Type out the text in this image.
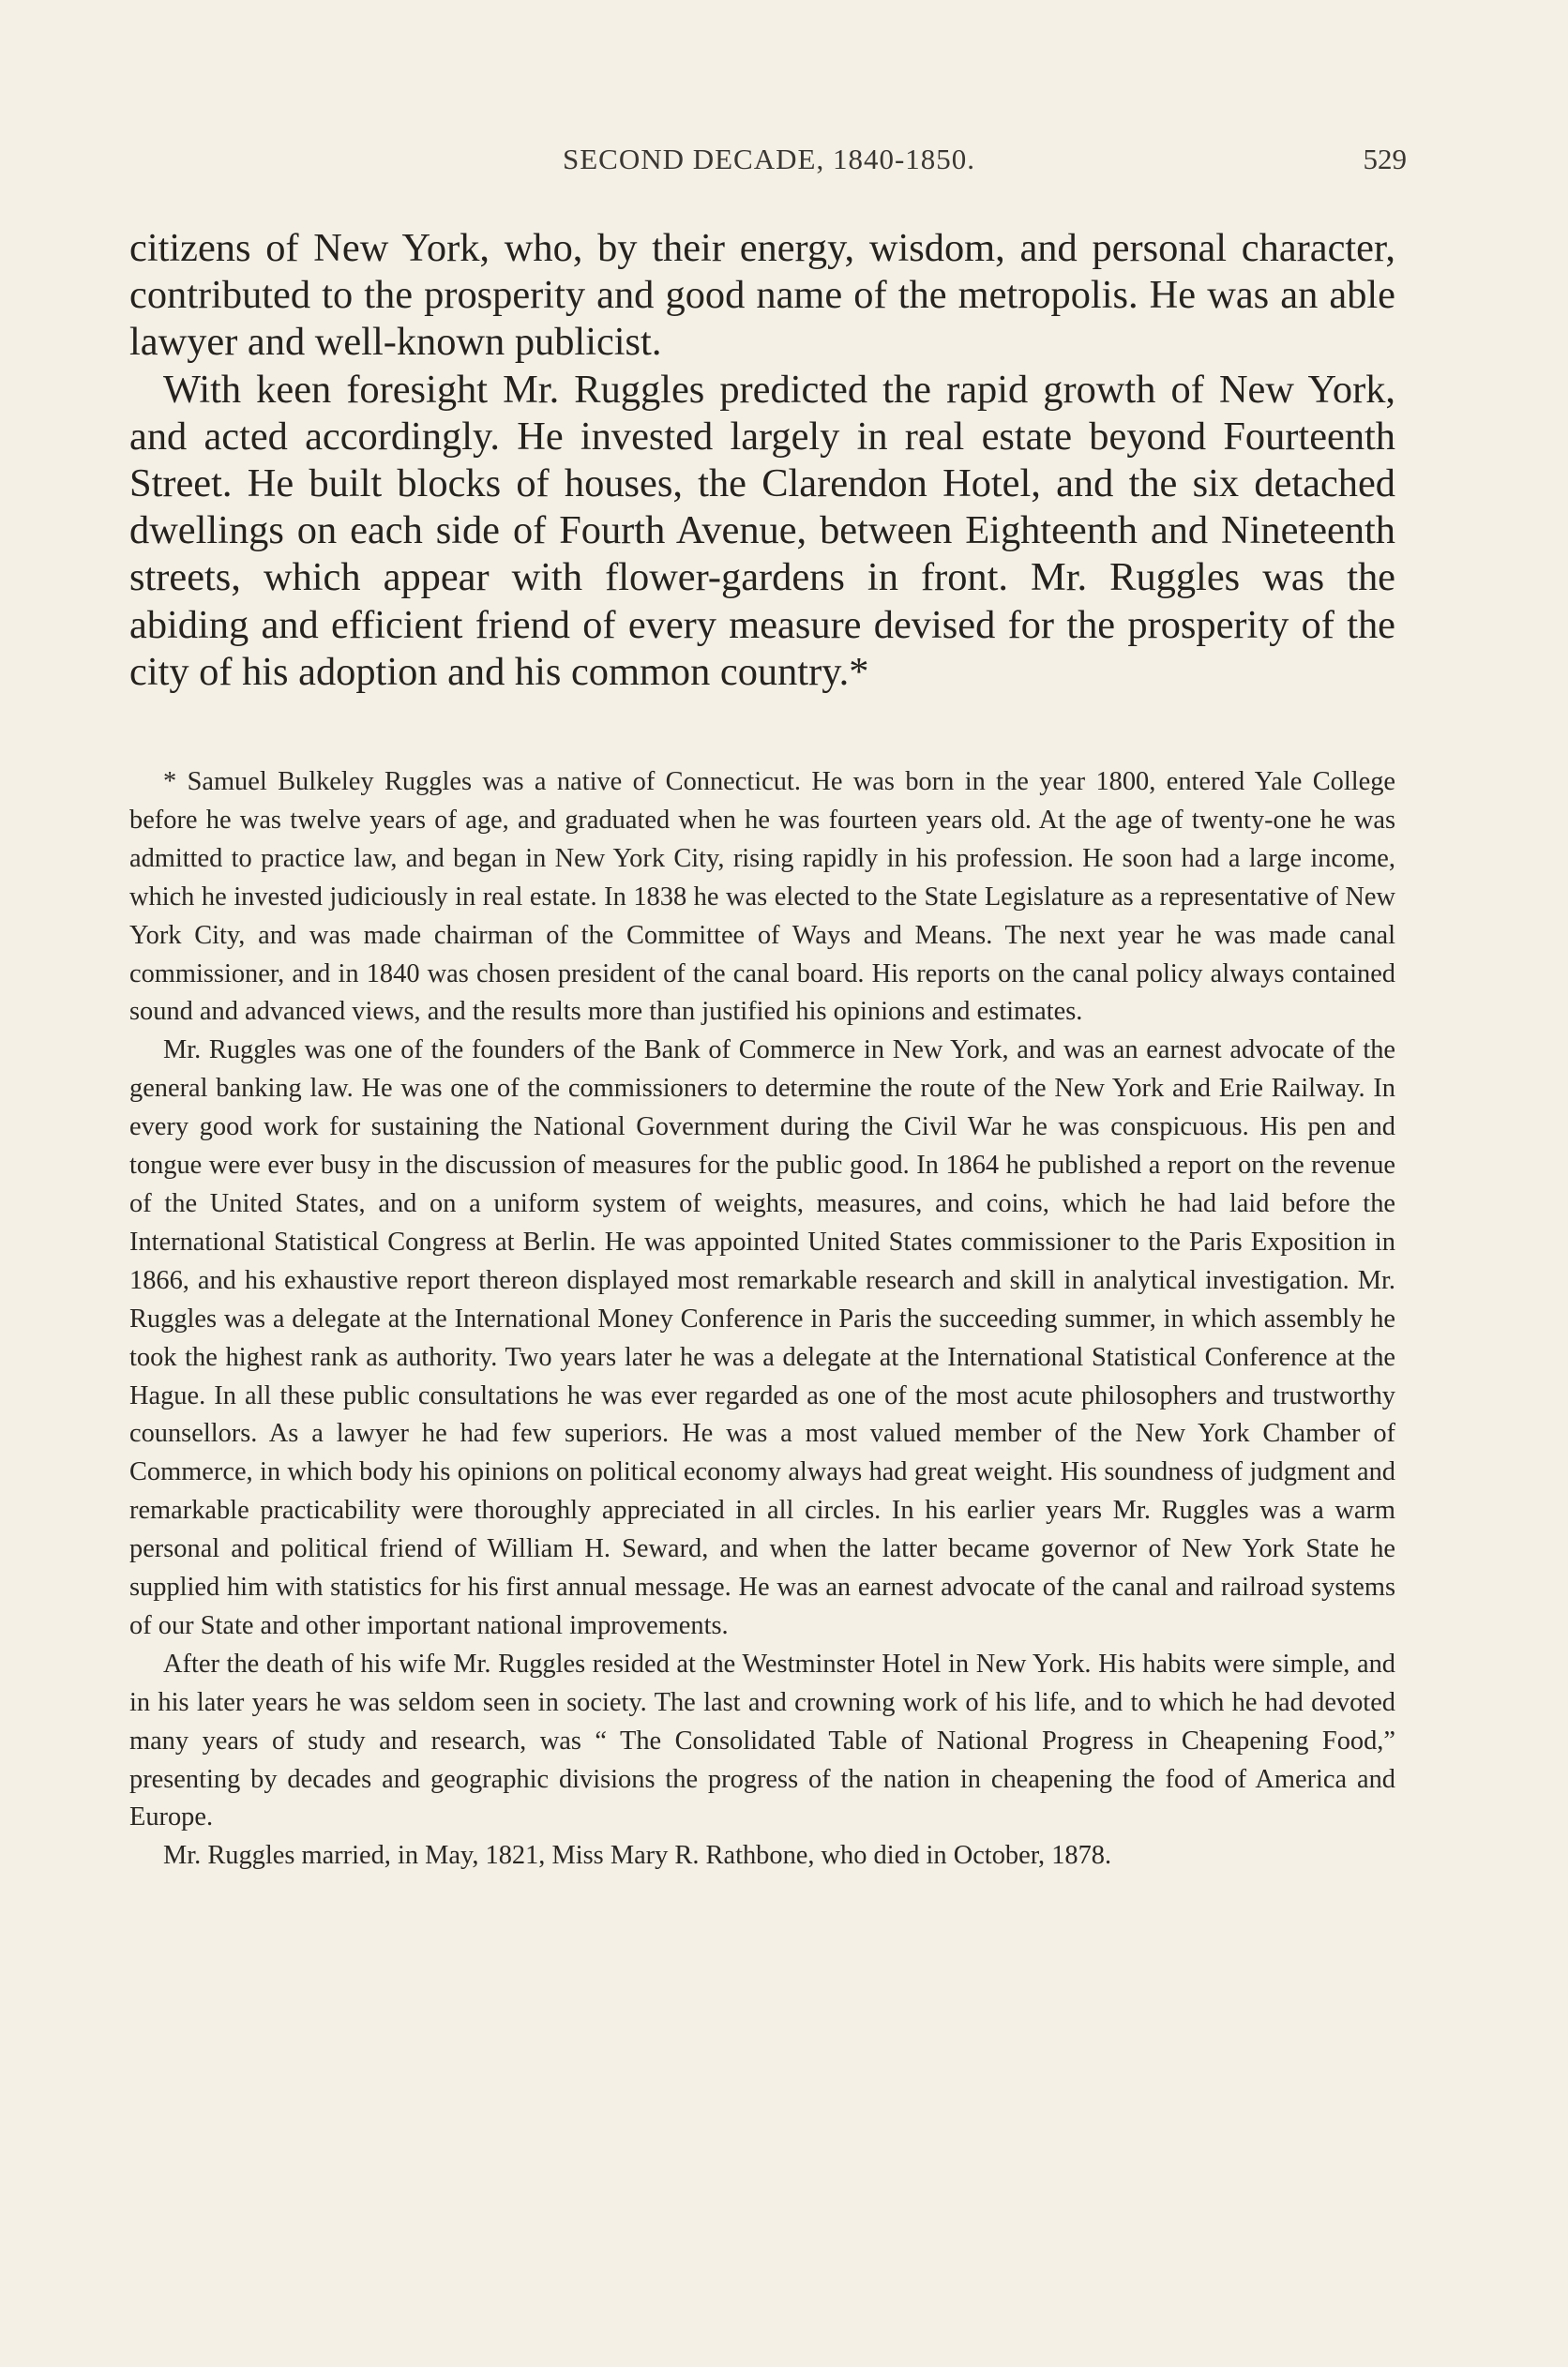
SECOND DECADE, 1840-1850.	529

citizens of New York, who, by their energy, wisdom, and personal character, contributed to the prosperity and good name of the metropolis. He was an able lawyer and well-known publicist.

With keen foresight Mr. Ruggles predicted the rapid growth of New York, and acted accordingly. He invested largely in real estate beyond Fourteenth Street. He built blocks of houses, the Clarendon Hotel, and the six detached dwellings on each side of Fourth Avenue, between Eighteenth and Nineteenth streets, which appear with flower-gardens in front. Mr. Ruggles was the abiding and efficient friend of every measure devised for the prosperity of the city of his adoption and his common country.*

* Samuel Bulkeley Ruggles was a native of Connecticut. He was born in the year 1800, entered Yale College before he was twelve years of age, and graduated when he was fourteen years old. At the age of twenty-one he was admitted to practice law, and began in New York City, rising rapidly in his profession. He soon had a large income, which he invested judiciously in real estate. In 1838 he was elected to the State Legislature as a representative of New York City, and was made chairman of the Committee of Ways and Means. The next year he was made canal commissioner, and in 1840 was chosen president of the canal board. His reports on the canal policy always contained sound and advanced views, and the results more than justified his opinions and estimates.

Mr. Ruggles was one of the founders of the Bank of Commerce in New York, and was an earnest advocate of the general banking law. He was one of the commissioners to determine the route of the New York and Erie Railway. In every good work for sustaining the National Government during the Civil War he was conspicuous. His pen and tongue were ever busy in the discussion of measures for the public good. In 1864 he published a report on the revenue of the United States, and on a uniform system of weights, measures, and coins, which he had laid before the International Statistical Congress at Berlin. He was appointed United States commissioner to the Paris Exposition in 1866, and his exhaustive report thereon displayed most remarkable research and skill in analytical investigation. Mr. Ruggles was a delegate at the International Money Conference in Paris the succeeding summer, in which assembly he took the highest rank as authority. Two years later he was a delegate at the International Statistical Conference at the Hague. In all these public consultations he was ever regarded as one of the most acute philosophers and trustworthy counsellors. As a lawyer he had few superiors. He was a most valued member of the New York Chamber of Commerce, in which body his opinions on political economy always had great weight. His soundness of judgment and remarkable practicability were thoroughly appreciated in all circles. In his earlier years Mr. Ruggles was a warm personal and political friend of William H. Seward, and when the latter became governor of New York State he supplied him with statistics for his first annual message. He was an earnest advocate of the canal and railroad systems of our State and other important national improvements.

After the death of his wife Mr. Ruggles resided at the Westminster Hotel in New York. His habits were simple, and in his later years he was seldom seen in society. The last and crowning work of his life, and to which he had devoted many years of study and research, was “ The Consolidated Table of National Progress in Cheapening Food,” presenting by decades and geographic divisions the progress of the nation in cheapening the food of America and Europe.

Mr. Ruggles married, in May, 1821, Miss Mary R. Rathbone, who died in October, 1878.
